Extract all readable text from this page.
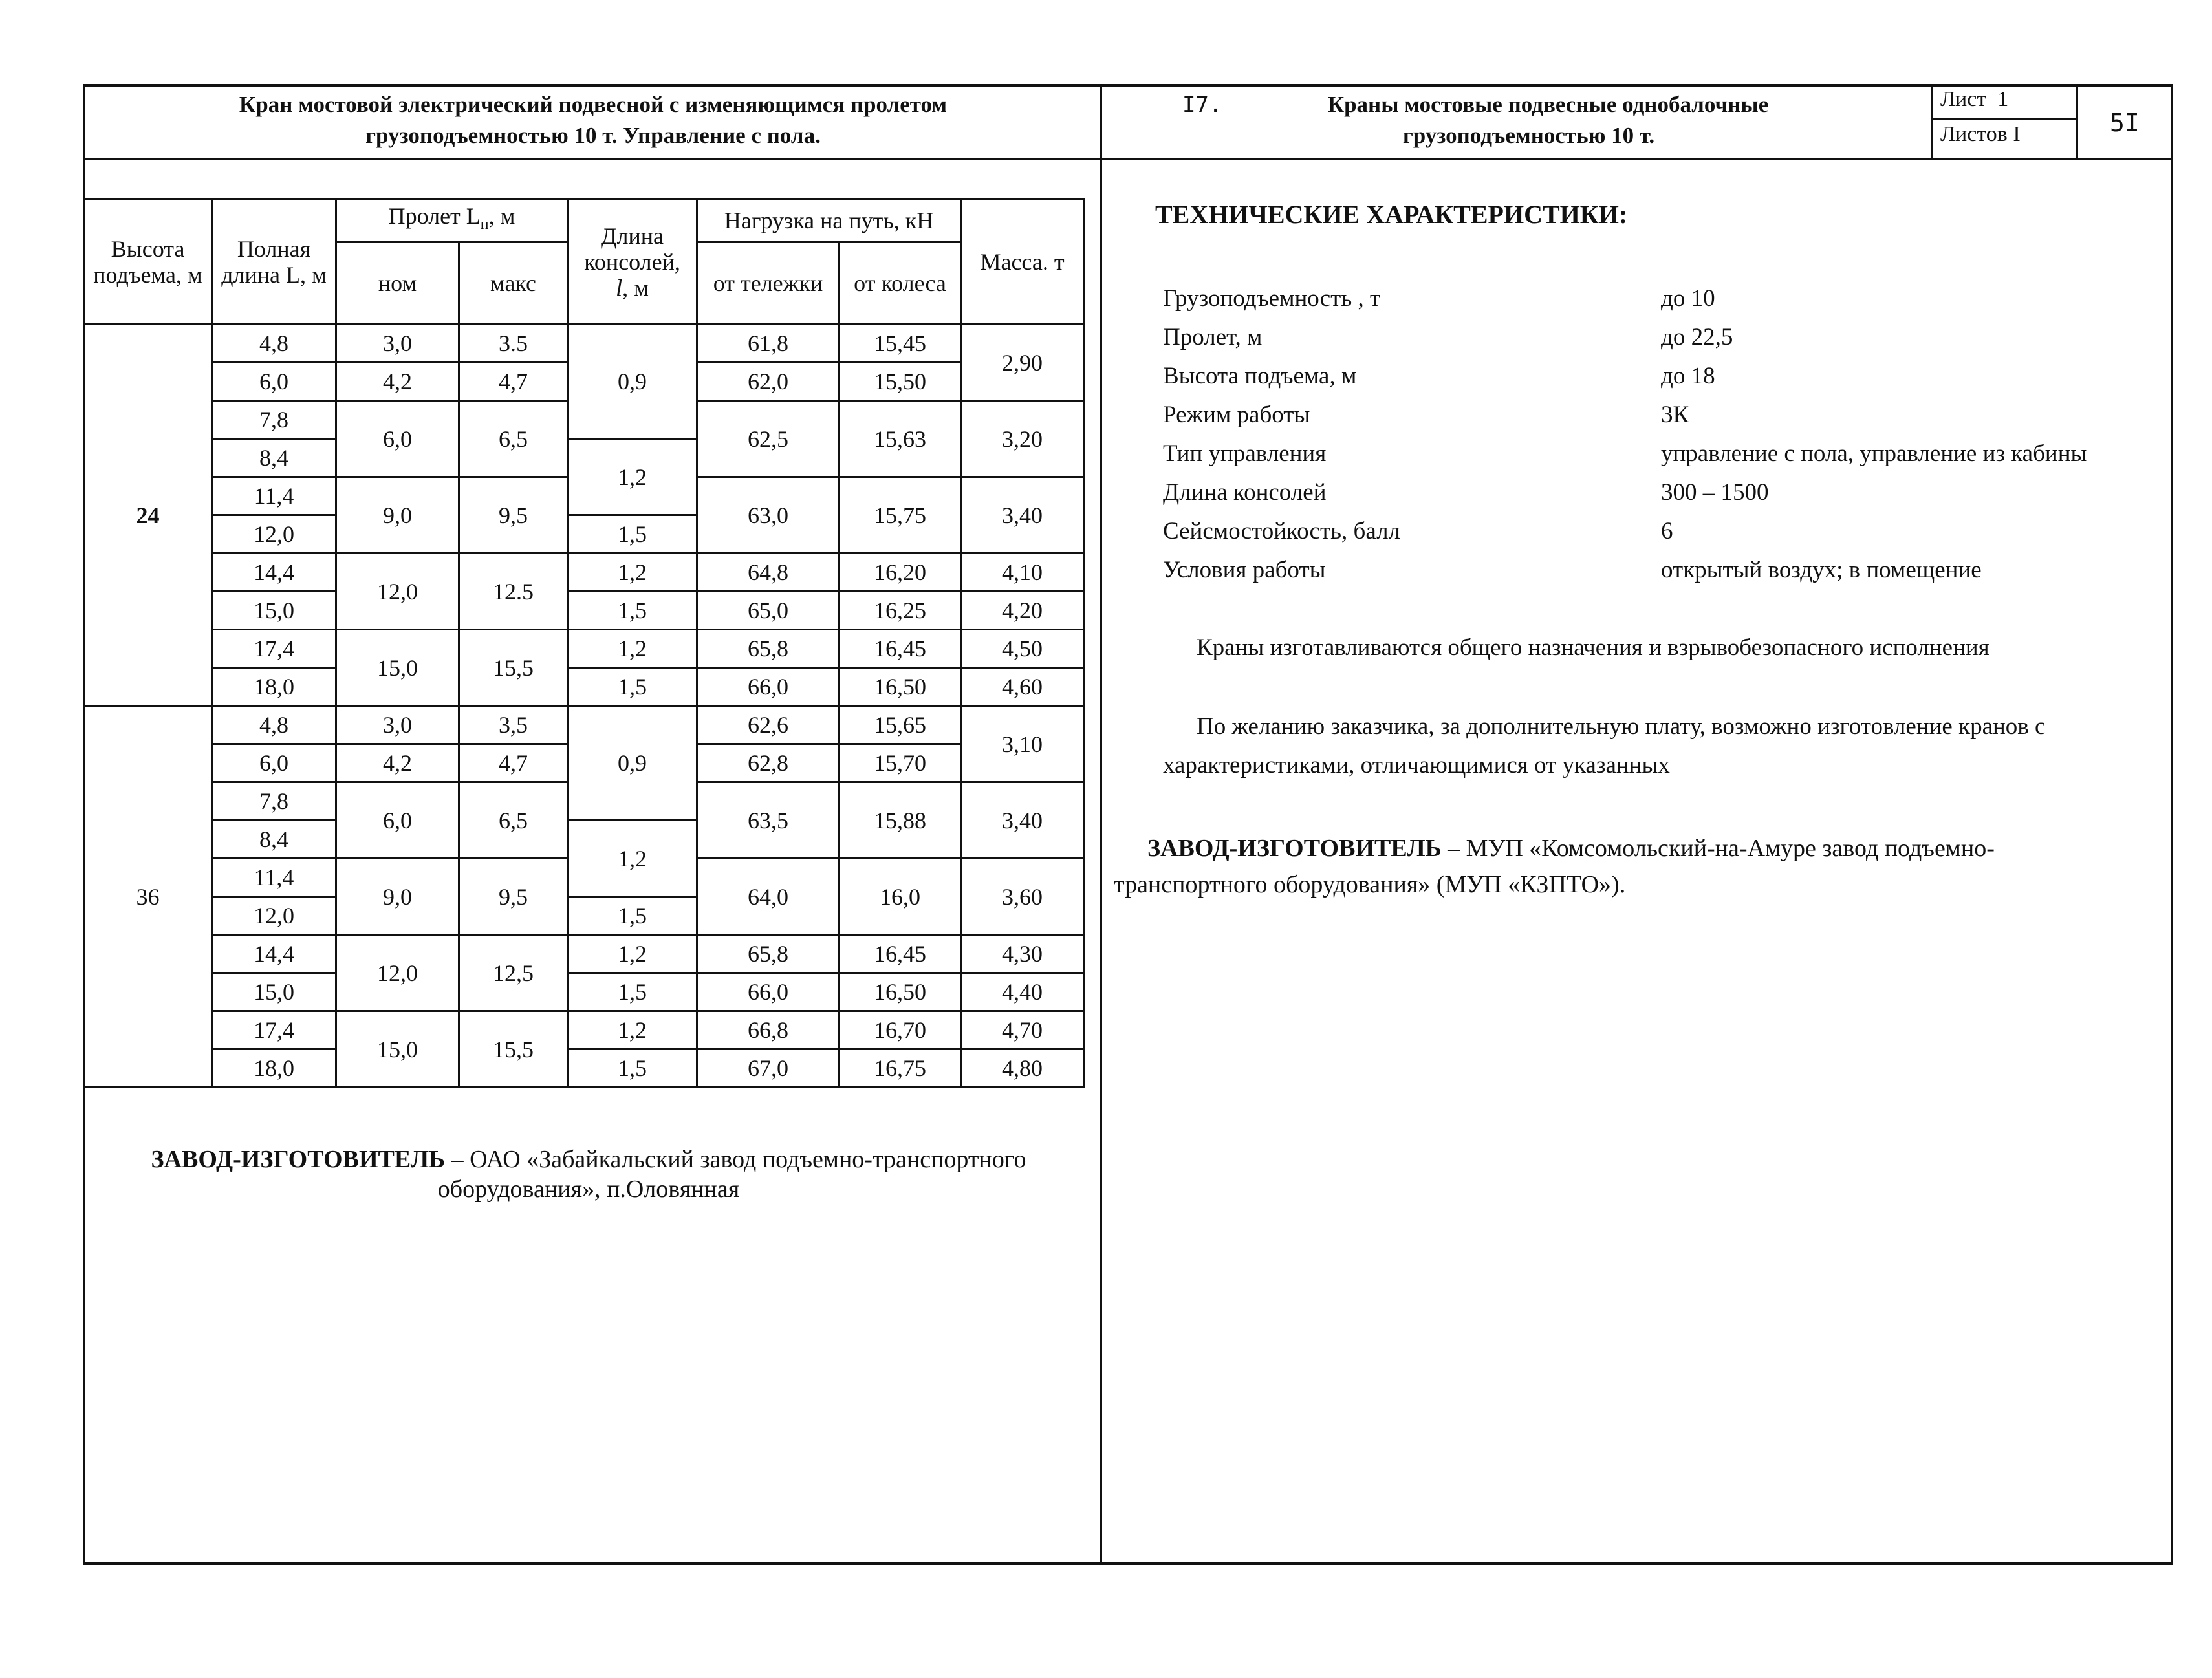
Кран мостовой электрический подвесной с изменяющимся пролетом
грузоподъемностью 10 т. Управление с пола.
I7.	Краны мостовые подвесные однобалочные
грузоподъемностью 10 т.
Лист 1
Листов I	5I
Высота подъема, м	Полная длина L, м	Пролет $L_п$, м		Длина консолей,
l, м	Нагрузка на путь, кН		Масса. т
		ном	макс		от тележки	от колеса	
24	4,8	3,0	3.5	0,9	61,8	15,45	2,90
	6,0	4,2	4,7		62,0	15,50	
	7,8	6,0	6,5		62,5	15,63	3,20
	8,4			1,2			
	11,4	9,0	9,5		63,0	15,75	3,40
	12,0			1,5			
	14,4	12,0	12.5	1,2	64,8	16,20	4,10
	15,0			1,5	65,0	16,25	4,20
	17,4	15,0	15,5	1,2	65,8	16,45	4,50
	18,0			1,5	66,0	16,50	4,60
36	4,8	3,0	3,5	0,9	62,6	15,65	3,10
	6,0	4,2	4,7		62,8	15,70	
	7,8	6,0	6,5		63,5	15,88	3,40
	8,4			1,2			
	11,4	9,0	9,5		64,0	16,0	3,60
	12,0			1,5			
	14,4	12,0	12,5	1,2	65,8	16,45	4,30
	15,0			1,5	66,0	16,50	4,40
	17,4	15,0	15,5	1,2	66,8	16,70	4,70
	18,0			1,5	67,0	16,75	4,80
ЗАВОД-ИЗГОТОВИТЕЛЬ – ОАО «Забайкальский завод подъемно-транспортного
оборудования», п.Оловянная
ТЕХНИЧЕСКИЕ ХАРАКТЕРИСТИКИ:
Грузоподъемность , т	до 10
Пролет, м	до 22,5
Высота подъема, м	до 18
Режим работы	3К
Тип управления	управление с пола, управление из кабины
Длина консолей	300 – 1500
Сейсмостойкость, балл	6
Условия работы	открытый воздух; в помещение
Краны изготавливаются общего назначения и взрывобезопасного исполнения
По желанию заказчика, за дополнительную плату, возможно изготовление кранов с
характеристиками, отличающимися от указанных
ЗАВОД-ИЗГОТОВИТЕЛЬ – МУП «Комсомольский-на-Амуре завод подъемно-
транспортного оборудования» (МУП «КЗПТО»).
